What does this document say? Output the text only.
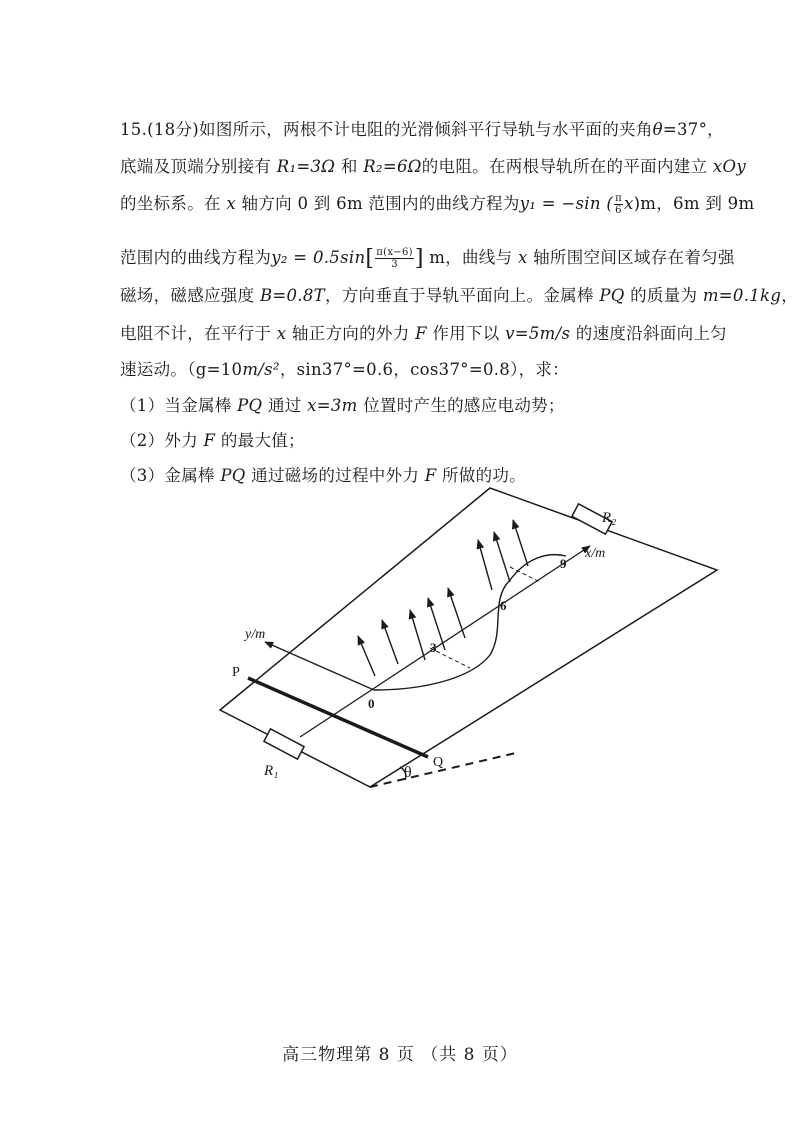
15.(18分)如图所示，两根不计电阻的光滑倾斜平行导轨与水平面的夹角θ=37°，
底端及顶端分别接有 R₁=3Ω 和 R₂=6Ω的电阻。在两根导轨所在的平面内建立 xOy
的坐标系。在 x 轴方向 0 到 6m 范围内的曲线方程为y₁ = −sin ( $\frac{\pi}{6} x)m$，6m 到 9m
范围内的曲线方程为$y_2 = 0.5\sin[ \frac{\pi(x-6)}{3}$ ] m，曲线与 x 轴所围空间区域存在着匀强
磁场，磁感应强度 B=0.8T，方向垂直于导轨平面向上。金属棒 PQ 的质量为 m=0.1kg，
电阻不计，在平行于 x 轴正方向的外力 F 作用下以 v=5m/s 的速度沿斜面向上匀
速运动。（g=10m/s²，sin37°=0.6，cos37°=0.8），求：
（1）当金属棒 PQ 通过 x=3m 位置时产生的感应电动势；
（2）外力 F 的最大值；
（3）金属棒 PQ 通过磁场的过程中外力 F 所做的功。
θ
R₁
R₂
x/m
y/m
P
Q
0
3
6
9
高三物理第 8 页 （共 8 页）
